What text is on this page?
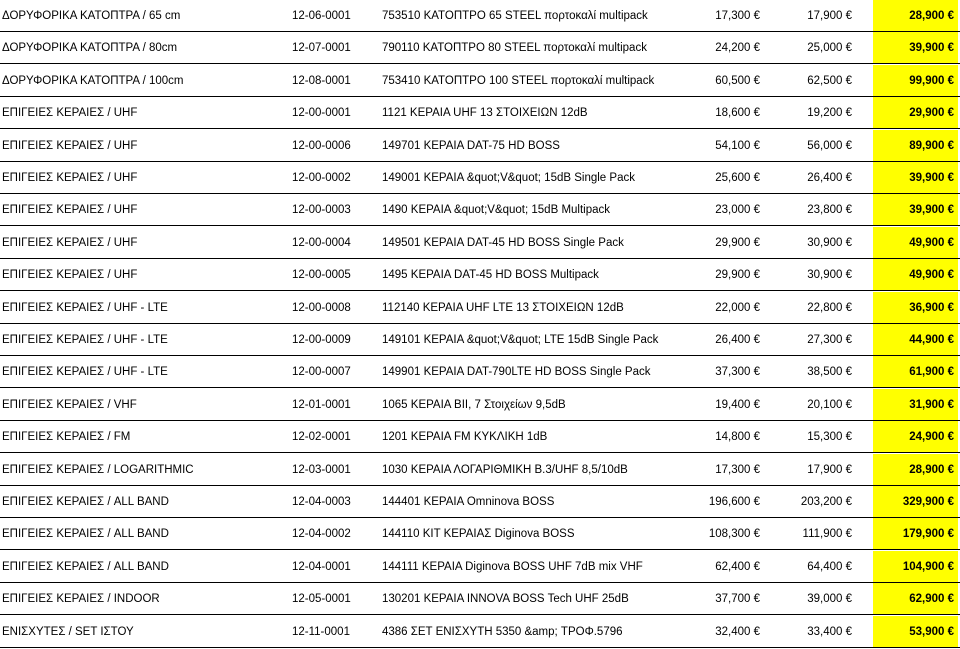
ΔΟΡΥΦΟΡΙΚΑ ΚΑΤΟΠΤΡΑ / 65 cm	12-06-0001	753510 ΚΑΤΟΠΤΡΟ 65 STEEL πορτοκαλί multipack	17,300 €	17,900 €	28,900 €
ΔΟΡΥΦΟΡΙΚΑ ΚΑΤΟΠΤΡΑ / 80cm	12-07-0001	790110 ΚΑΤΟΠΤΡΟ 80 STEEL πορτοκαλί multipack	24,200 €	25,000 €	39,900 €
ΔΟΡΥΦΟΡΙΚΑ ΚΑΤΟΠΤΡΑ / 100cm	12-08-0001	753410 ΚΑΤΟΠΤΡΟ 100 STEEL πορτοκαλί multipack	60,500 €	62,500 €	99,900 €
ΕΠΙΓΕΙΕΣ ΚΕΡΑΙΕΣ / UHF	12-00-0001	1121 ΚΕΡΑΙΑ UHF 13 ΣΤΟΙΧΕΙΩΝ 12dB	18,600 €	19,200 €	29,900 €
ΕΠΙΓΕΙΕΣ ΚΕΡΑΙΕΣ / UHF	12-00-0006	149701 ΚΕΡΑΙΑ DAT-75 HD BOSS	54,100 €	56,000 €	89,900 €
ΕΠΙΓΕΙΕΣ ΚΕΡΑΙΕΣ / UHF	12-00-0002	149001 ΚΕΡΑΙΑ &quot;V&quot; 15dB Single Pack	25,600 €	26,400 €	39,900 €
ΕΠΙΓΕΙΕΣ ΚΕΡΑΙΕΣ / UHF	12-00-0003	1490 ΚΕΡΑΙΑ &quot;V&quot; 15dB Multipack	23,000 €	23,800 €	39,900 €
ΕΠΙΓΕΙΕΣ ΚΕΡΑΙΕΣ / UHF	12-00-0004	149501 ΚΕΡΑΙΑ DAT-45 HD BOSS Single Pack	29,900 €	30,900 €	49,900 €
ΕΠΙΓΕΙΕΣ ΚΕΡΑΙΕΣ / UHF	12-00-0005	1495 ΚΕΡΑΙΑ DAT-45 HD BOSS Multipack	29,900 €	30,900 €	49,900 €
ΕΠΙΓΕΙΕΣ ΚΕΡΑΙΕΣ / UHF - LTE	12-00-0008	112140 ΚΕΡΑΙΑ UHF LTE 13 ΣΤΟΙΧΕΙΩΝ 12dB	22,000 €	22,800 €	36,900 €
ΕΠΙΓΕΙΕΣ ΚΕΡΑΙΕΣ / UHF - LTE	12-00-0009	149101 ΚΕΡΑΙΑ &quot;V&quot; LTE 15dB Single Pack	26,400 €	27,300 €	44,900 €
ΕΠΙΓΕΙΕΣ ΚΕΡΑΙΕΣ / UHF - LTE	12-00-0007	149901 ΚΕΡΑΙΑ DAT-790LTE HD BOSS Single Pack	37,300 €	38,500 €	61,900 €
ΕΠΙΓΕΙΕΣ ΚΕΡΑΙΕΣ / VHF	12-01-0001	1065 ΚΕΡΑΙΑ BII, 7 Στοιχείων 9,5dB	19,400 €	20,100 €	31,900 €
ΕΠΙΓΕΙΕΣ ΚΕΡΑΙΕΣ / FM	12-02-0001	1201 ΚΕΡΑΙΑ FM ΚΥΚΛΙΚΗ 1dB	14,800 €	15,300 €	24,900 €
ΕΠΙΓΕΙΕΣ ΚΕΡΑΙΕΣ / LOGARITHMIC	12-03-0001	1030 ΚΕΡΑΙΑ ΛΟΓΑΡΙΘΜΙΚΗ Β.3/UHF 8,5/10dB	17,300 €	17,900 €	28,900 €
ΕΠΙΓΕΙΕΣ ΚΕΡΑΙΕΣ / ALL BAND	12-04-0003	144401 ΚΕΡΑΙΑ Omninova BOSS	196,600 €	203,200 €	329,900 €
ΕΠΙΓΕΙΕΣ ΚΕΡΑΙΕΣ / ALL BAND	12-04-0002	144110 ΚΙΤ ΚΕΡΑΙΑΣ Diginova BOSS	108,300 €	111,900 €	179,900 €
ΕΠΙΓΕΙΕΣ ΚΕΡΑΙΕΣ / ALL BAND	12-04-0001	144111 ΚΕΡΑΙΑ Diginova BOSS UHF 7dB mix VHF	62,400 €	64,400 €	104,900 €
ΕΠΙΓΕΙΕΣ ΚΕΡΑΙΕΣ / INDOOR	12-05-0001	130201 ΚΕΡΑΙΑ INNOVA BOSS Tech UHF 25dB	37,700 €	39,000 €	62,900 €
ΕΝΙΣΧΥΤΕΣ / SET ΙΣΤΟΥ	12-11-0001	4386 ΣΕΤ ΕΝΙΣΧΥΤΗ 5350 &amp; ΤΡΟΦ.5796	32,400 €	33,400 €	53,900 €
